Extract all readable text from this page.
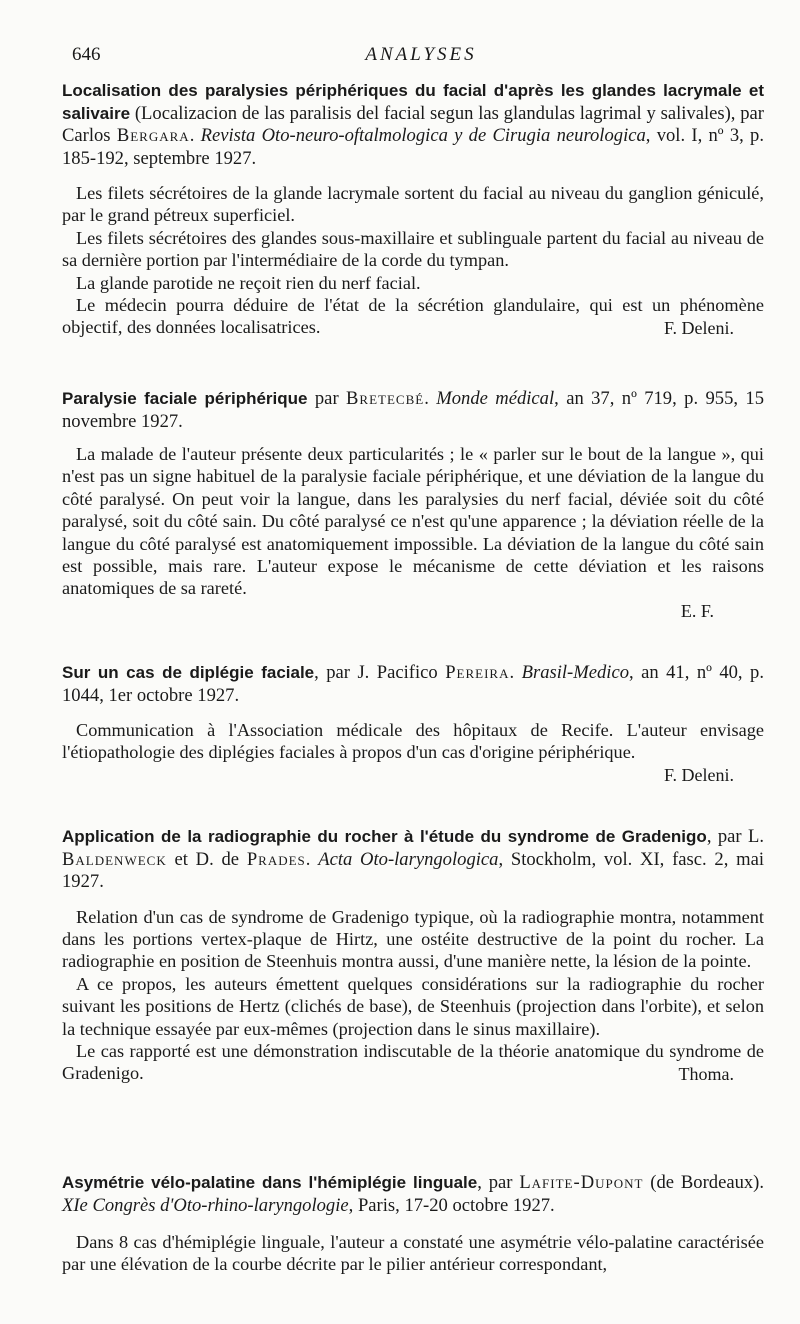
646	ANALYSES

Localisation des paralysies périphériques du facial d'après les glandes lacrymale et salivaire (Localizacion de las paralisis del facial segun las glandulas lagrimal y salivales), par Carlos Bergara. Revista Oto-neuro-oftalmologica y de Cirugia neurologica, vol. I, nº 3, p. 185-192, septembre 1927.

Les filets sécrétoires de la glande lacrymale sortent du facial au niveau du ganglion géniculé, par le grand pétreux superficiel.

Les filets sécrétoires des glandes sous-maxillaire et sublinguale partent du facial au niveau de sa dernière portion par l'intermédiaire de la corde du tympan.

La glande parotide ne reçoit rien du nerf facial.

Le médecin pourra déduire de l'état de la sécrétion glandulaire, qui est un phénomène objectif, des données localisatrices.	F. Deleni.

Paralysie faciale périphérique par Bretecbé. Monde médical, an 37, nº 719, p. 955, 15 novembre 1927.

La malade de l'auteur présente deux particularités ; le « parler sur le bout de la langue », qui n'est pas un signe habituel de la paralysie faciale périphérique, et une déviation de la langue du côté paralysé. On peut voir la langue, dans les paralysies du nerf facial, déviée soit du côté paralysé, soit du côté sain. Du côté paralysé ce n'est qu'une apparence ; la déviation réelle de la langue du côté paralysé est anatomiquement impossible. La déviation de la langue du côté sain est possible, mais rare. L'auteur expose le mécanisme de cette déviation et les raisons anatomiques de sa rareté.

E. F.

Sur un cas de diplégie faciale, par J. Pacifico Pereira. Brasil-Medico, an 41, nº 40, p. 1044, 1er octobre 1927.

Communication à l'Association médicale des hôpitaux de Recife. L'auteur envisage l'étiopathologie des diplégies faciales à propos d'un cas d'origine périphérique.

F. Deleni.

Application de la radiographie du rocher à l'étude du syndrome de Gradenigo, par L. Baldenweck et D. de Prades. Acta Oto-laryngologica, Stockholm, vol. XI, fasc. 2, mai 1927.

Relation d'un cas de syndrome de Gradenigo typique, où la radiographie montra, notamment dans les portions vertex-plaque de Hirtz, une ostéite destructive de la point du rocher. La radiographie en position de Steenhuis montra aussi, d'une manière nette, la lésion de la pointe.

A ce propos, les auteurs émettent quelques considérations sur la radiographie du rocher suivant les positions de Hertz (clichés de base), de Steenhuis (projection dans l'orbite), et selon la technique essayée par eux-mêmes (projection dans le sinus maxillaire).

Le cas rapporté est une démonstration indiscutable de la théorie anatomique du syndrome de Gradenigo.	Thoma.

Asymétrie vélo-palatine dans l'hémiplégie linguale, par Lafite-Dupont (de Bordeaux). XIe Congrès d'Oto-rhino-laryngologie, Paris, 17-20 octobre 1927.

Dans 8 cas d'hémiplégie linguale, l'auteur a constaté une asymétrie vélo-palatine caractérisée par une élévation de la courbe décrite par le pilier antérieur correspondant,
